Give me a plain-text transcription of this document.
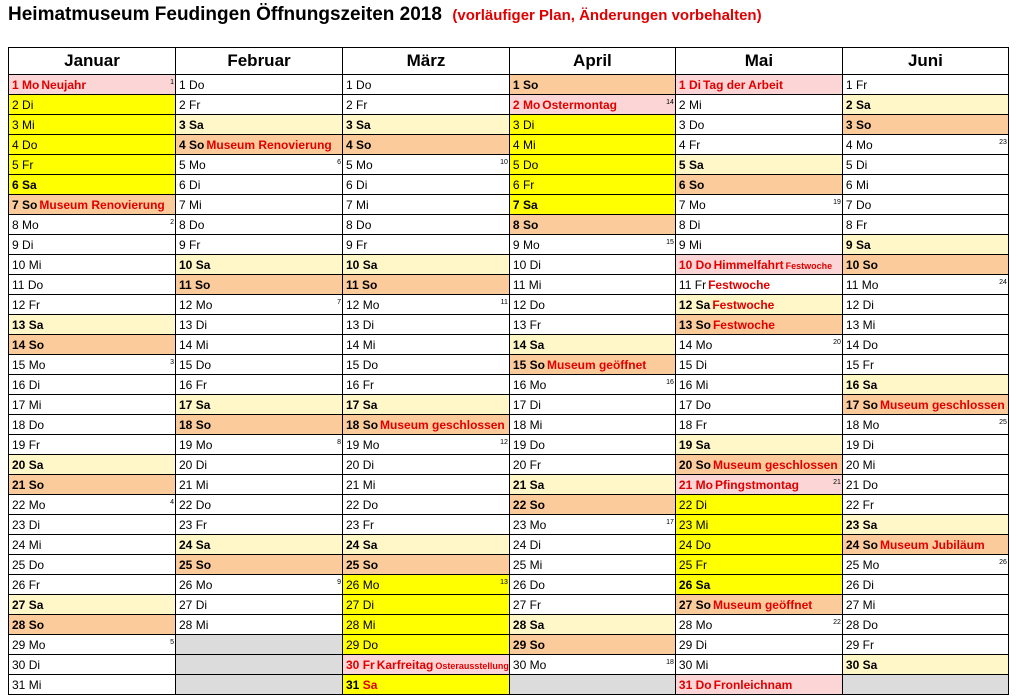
Heimatmuseum Feudingen Öffnungszeiten 2018 (vorläufiger Plan, Änderungen vorbehalten)
Januar	Februar	März	April	Mai	Juni
1 Mo Neujahr 1	1 Do	1 Do	1 So	1 Di Tag der Arbeit	1 Fr
2 Di	2 Fr	2 Fr	2 Mo Ostermontag 14	2 Mi	2 Sa
3 Mi	3 Sa	3 Sa	3 Di	3 Do	3 So
4 Do	4 So Museum Renovierung	4 So	4 Mi	4 Fr	4 Mo 23

5 Fr	5 Mo 6	5 Mo 10	5 Do	5 Sa	5 Di
6 Sa	6 Di	6 Di	6 Fr	6 So	6 Mi
7 So Museum Renovierung	7 Mi	7 Mi	7 Sa	7 Mo 19	7 Do
8 Mo 2	8 Do	8 Do	8 So	8 Di	8 Fr
9 Di	9 Fr	9 Fr	9 Mo 15	9 Mi	9 Sa
10 Mi	10 Sa	10 Sa	10 Di	10 Do Himmelfahrt Festwoche	10 So
11 Do	11 So	11 So	11 Mi	11 Fr Festwoche	11 Mo 24

12 Fr	12 Mo 7	12 Mo 11	12 Do	12 Sa Festwoche	12 Di
13 Sa	13 Di	13 Di	13 Fr	13 So Festwoche	13 Mi
14 So	14 Mi	14 Mi	14 Sa	14 Mo 20	14 Do
15 Mo 3	15 Do	15 Do	15 So Museum geöffnet	15 Di	15 Fr
16 Di	16 Fr	16 Fr	16 Mo 16	16 Mi	16 Sa
17 Mi	17 Sa	17 Sa	17 Di	17 Do	17 So Museum geschlossen
18 Do	18 So	18 So Museum geschlossen	18 Mi	18 Fr	18 Mo 25

19 Fr	19 Mo 8	19 Mo 12	19 Do	19 Sa	19 Di
20 Sa	20 Di	20 Di	20 Fr	20 So Museum geschlossen	20 Mi
21 So	21 Mi	21 Mi	21 Sa	21 Mo Pfingstmontag 21	21 Do
22 Mo 4	22 Do	22 Do	22 So	22 Di	22 Fr
23 Di	23 Fr	23 Fr	23 Mo 17	23 Mi	23 Sa
24 Mi	24 Sa	24 Sa	24 Di	24 Do	24 So Museum Jubiläum
25 Do	25 So	25 So	25 Mi	25 Fr	25 Mo 26

26 Fr	26 Mo 9	26 Mo 13	26 Do	26 Sa	26 Di
27 Sa	27 Di	27 Di	27 Fr	27 So Museum geöffnet	27 Mi
28 So	28 Mi	28 Mi	28 Sa	28 Mo 22	28 Do
29 Mo 5		29 Do	29 So	29 Di	29 Fr
30 Di		30 Fr Karfreitag Osterausstellung	30 Mo 18	30 Mi	30 Sa
31 Mi		31 Sa		31 Do Fronleichnam	
